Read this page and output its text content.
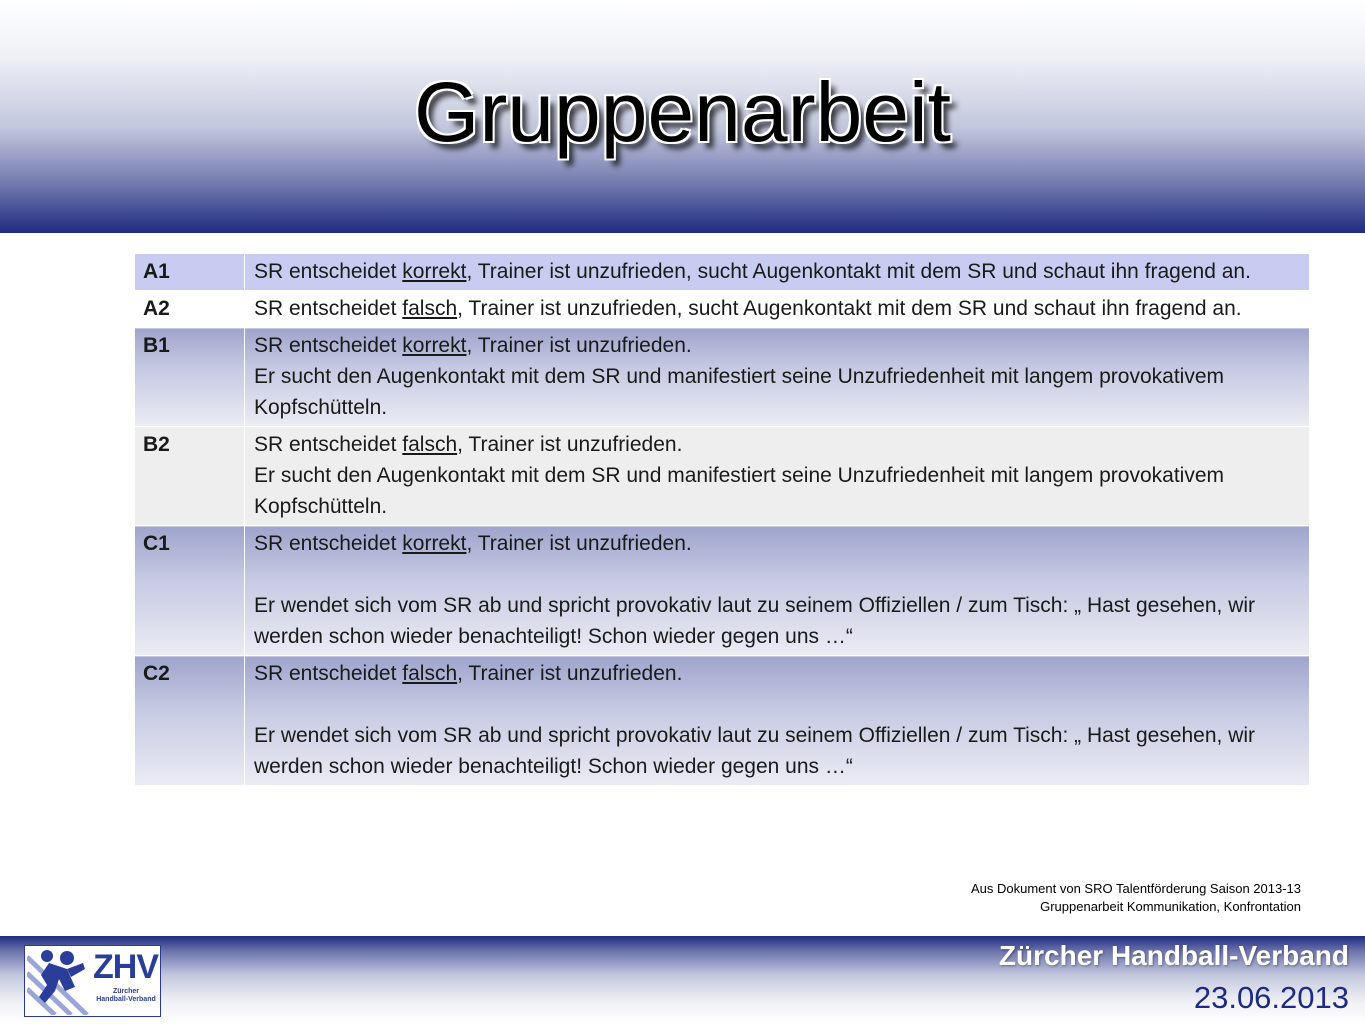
Gruppenarbeit
A1	SR entscheidet korrekt, Trainer ist unzufrieden, sucht Augenkontakt mit dem SR und schaut ihn fragend an.
A2	SR entscheidet falsch, Trainer ist unzufrieden, sucht Augenkontakt mit dem SR und schaut ihn fragend an.
B1	SR entscheidet korrekt, Trainer ist unzufrieden.
Er sucht den Augenkontakt mit dem SR und manifestiert seine Unzufriedenheit mit langem provokativem Kopfschütteln.
B2	SR entscheidet falsch, Trainer ist unzufrieden.
Er sucht den Augenkontakt mit dem SR und manifestiert seine Unzufriedenheit mit langem provokativem Kopfschütteln.
C1	SR entscheidet korrekt, Trainer ist unzufrieden.
Er wendet sich vom SR ab und spricht provokativ laut zu seinem Offiziellen / zum Tisch: „ Hast gesehen, wir werden schon wieder benachteiligt! Schon wieder gegen uns …“
C2	SR entscheidet falsch, Trainer ist unzufrieden.
Er wendet sich vom SR ab und spricht provokativ laut zu seinem Offiziellen / zum Tisch: „ Hast gesehen, wir werden schon wieder benachteiligt! Schon wieder gegen uns …“
Aus Dokument von SRO Talentförderung Saison 2013-13
Gruppenarbeit Kommunikation, Konfrontation
ZHV
Zürcher
Handball-Verband
Zürcher Handball-Verband
23.06.2013
